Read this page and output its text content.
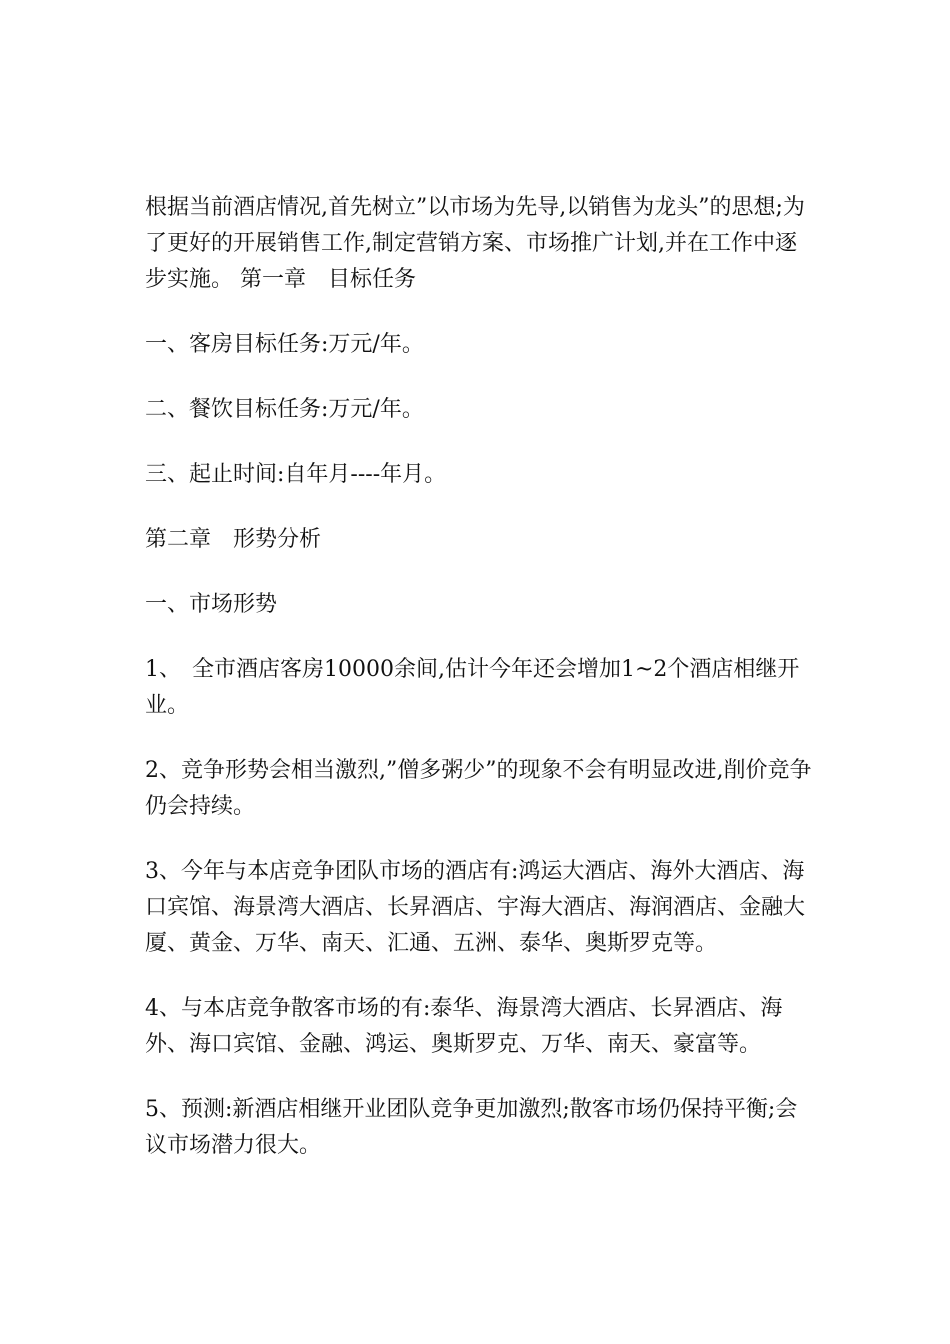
根据当前酒店情况,首先树立”以市场为先导,以销售为龙头”的思想;为了更好的开展销售工作,制定营销方案、市场推广计划,并在工作中逐步实施。 第一章　目标任务

一、客房目标任务:万元/年。

二、餐饮目标任务:万元/年。

三、起止时间:自年月----年月。

第二章　形势分析

一、市场形势

1、　全市酒店客房10000余间,估计今年还会增加1~2个酒店相继开业。

2、竞争形势会相当激烈,”僧多粥少”的现象不会有明显改进,削价竞争仍会持续。

3、今年与本店竞争团队市场的酒店有:鸿运大酒店、海外大酒店、海口宾馆、海景湾大酒店、长昇酒店、宇海大酒店、海润酒店、金融大厦、黄金、万华、南天、汇通、五洲、泰华、奥斯罗克等。

4、与本店竞争散客市场的有:泰华、海景湾大酒店、长昇酒店、海外、海口宾馆、金融、鸿运、奥斯罗克、万华、南天、豪富等。

5、预测:新酒店相继开业团队竞争更加激烈;散客市场仍保持平衡;会议市场潜力很大。
